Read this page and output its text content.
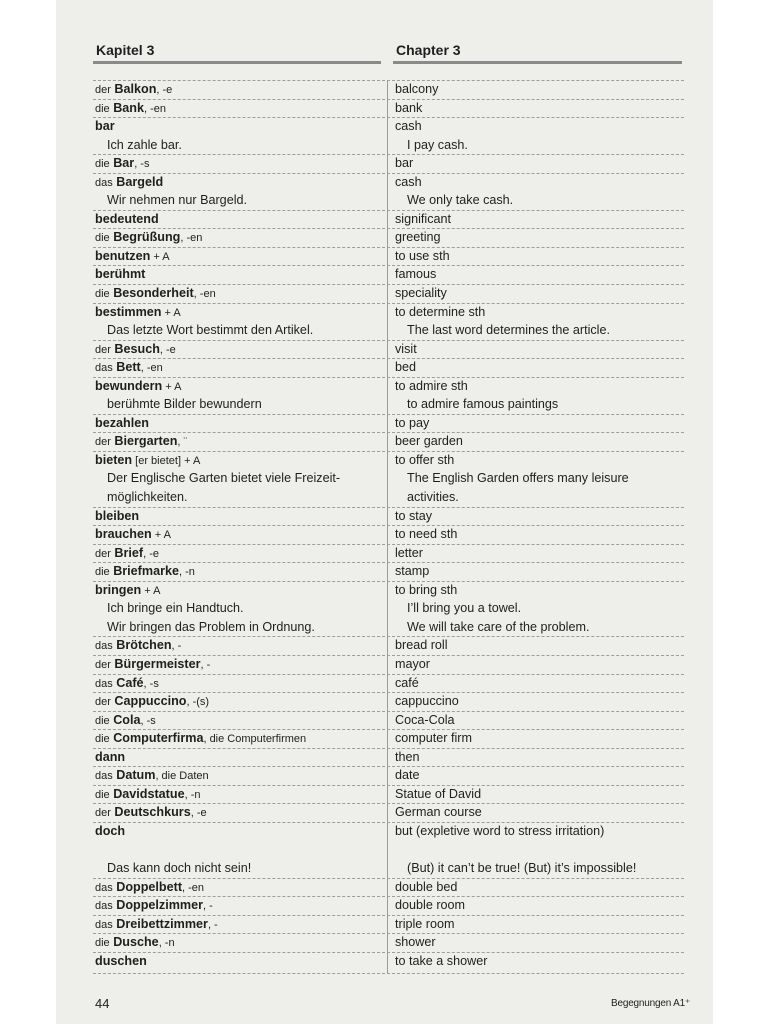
Kapitel 3	Chapter 3
der Balkon, -e	balcony
die Bank, -en	bank
bar	cash
Ich zahle bar.	I pay cash.
die Bar, -s	bar
das Bargeld	cash
Wir nehmen nur Bargeld.	We only take cash.
bedeutend	significant
die Begrüßung, -en	greeting
benutzen + A	to use sth
berühmt	famous
die Besonderheit, -en	speciality
bestimmen + A	to determine sth
Das letzte Wort bestimmt den Artikel.	The last word determines the article.
der Besuch, -e	visit
das Bett, -en	bed
bewundern + A	to admire sth
berühmte Bilder bewundern	to admire famous paintings
bezahlen	to pay
der Biergarten, ¨	beer garden
bieten [er bietet] + A	to offer sth
Der Englische Garten bietet viele Freizeit-	The English Garden offers many leisure
möglichkeiten.	activities.
bleiben	to stay
brauchen + A	to need sth
der Brief, -e	letter
die Briefmarke, -n	stamp
bringen + A	to bring sth
Ich bringe ein Handtuch.	I’ll bring you a towel.
Wir bringen das Problem in Ordnung.	We will take care of the problem.
das Brötchen, -	bread roll
der Bürgermeister, -	mayor
das Café, -s	café
der Cappuccino, -(s)	cappuccino
die Cola, -s	Coca-Cola
die Computerfirma, die Computerfirmen	computer firm
dann	then
das Datum, die Daten	date
die Davidstatue, -n	Statue of David
der Deutschkurs, -e	German course
doch	but (expletive word to stress irritation)
Das kann doch nicht sein!	(But) it can’t be true! (But) it’s impossible!
das Doppelbett, -en	double bed
das Doppelzimmer, -	double room
das Dreibettzimmer, -	triple room
die Dusche, -n	shower
duschen	to take a shower
44	Begegnungen A1⁺
